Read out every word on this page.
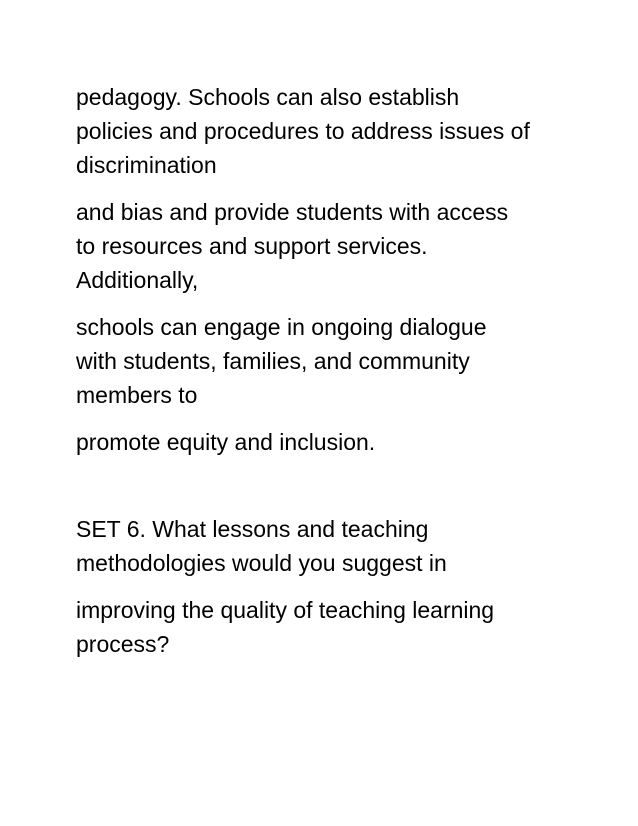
pedagogy. Schools can also establish
policies and procedures to address issues of
discrimination

and bias and provide students with access
to resources and support services.
Additionally,

schools can engage in ongoing dialogue
with students, families, and community
members to

promote equity and inclusion.

SET 6. What lessons and teaching
methodologies would you suggest in

improving the quality of teaching learning
process?
